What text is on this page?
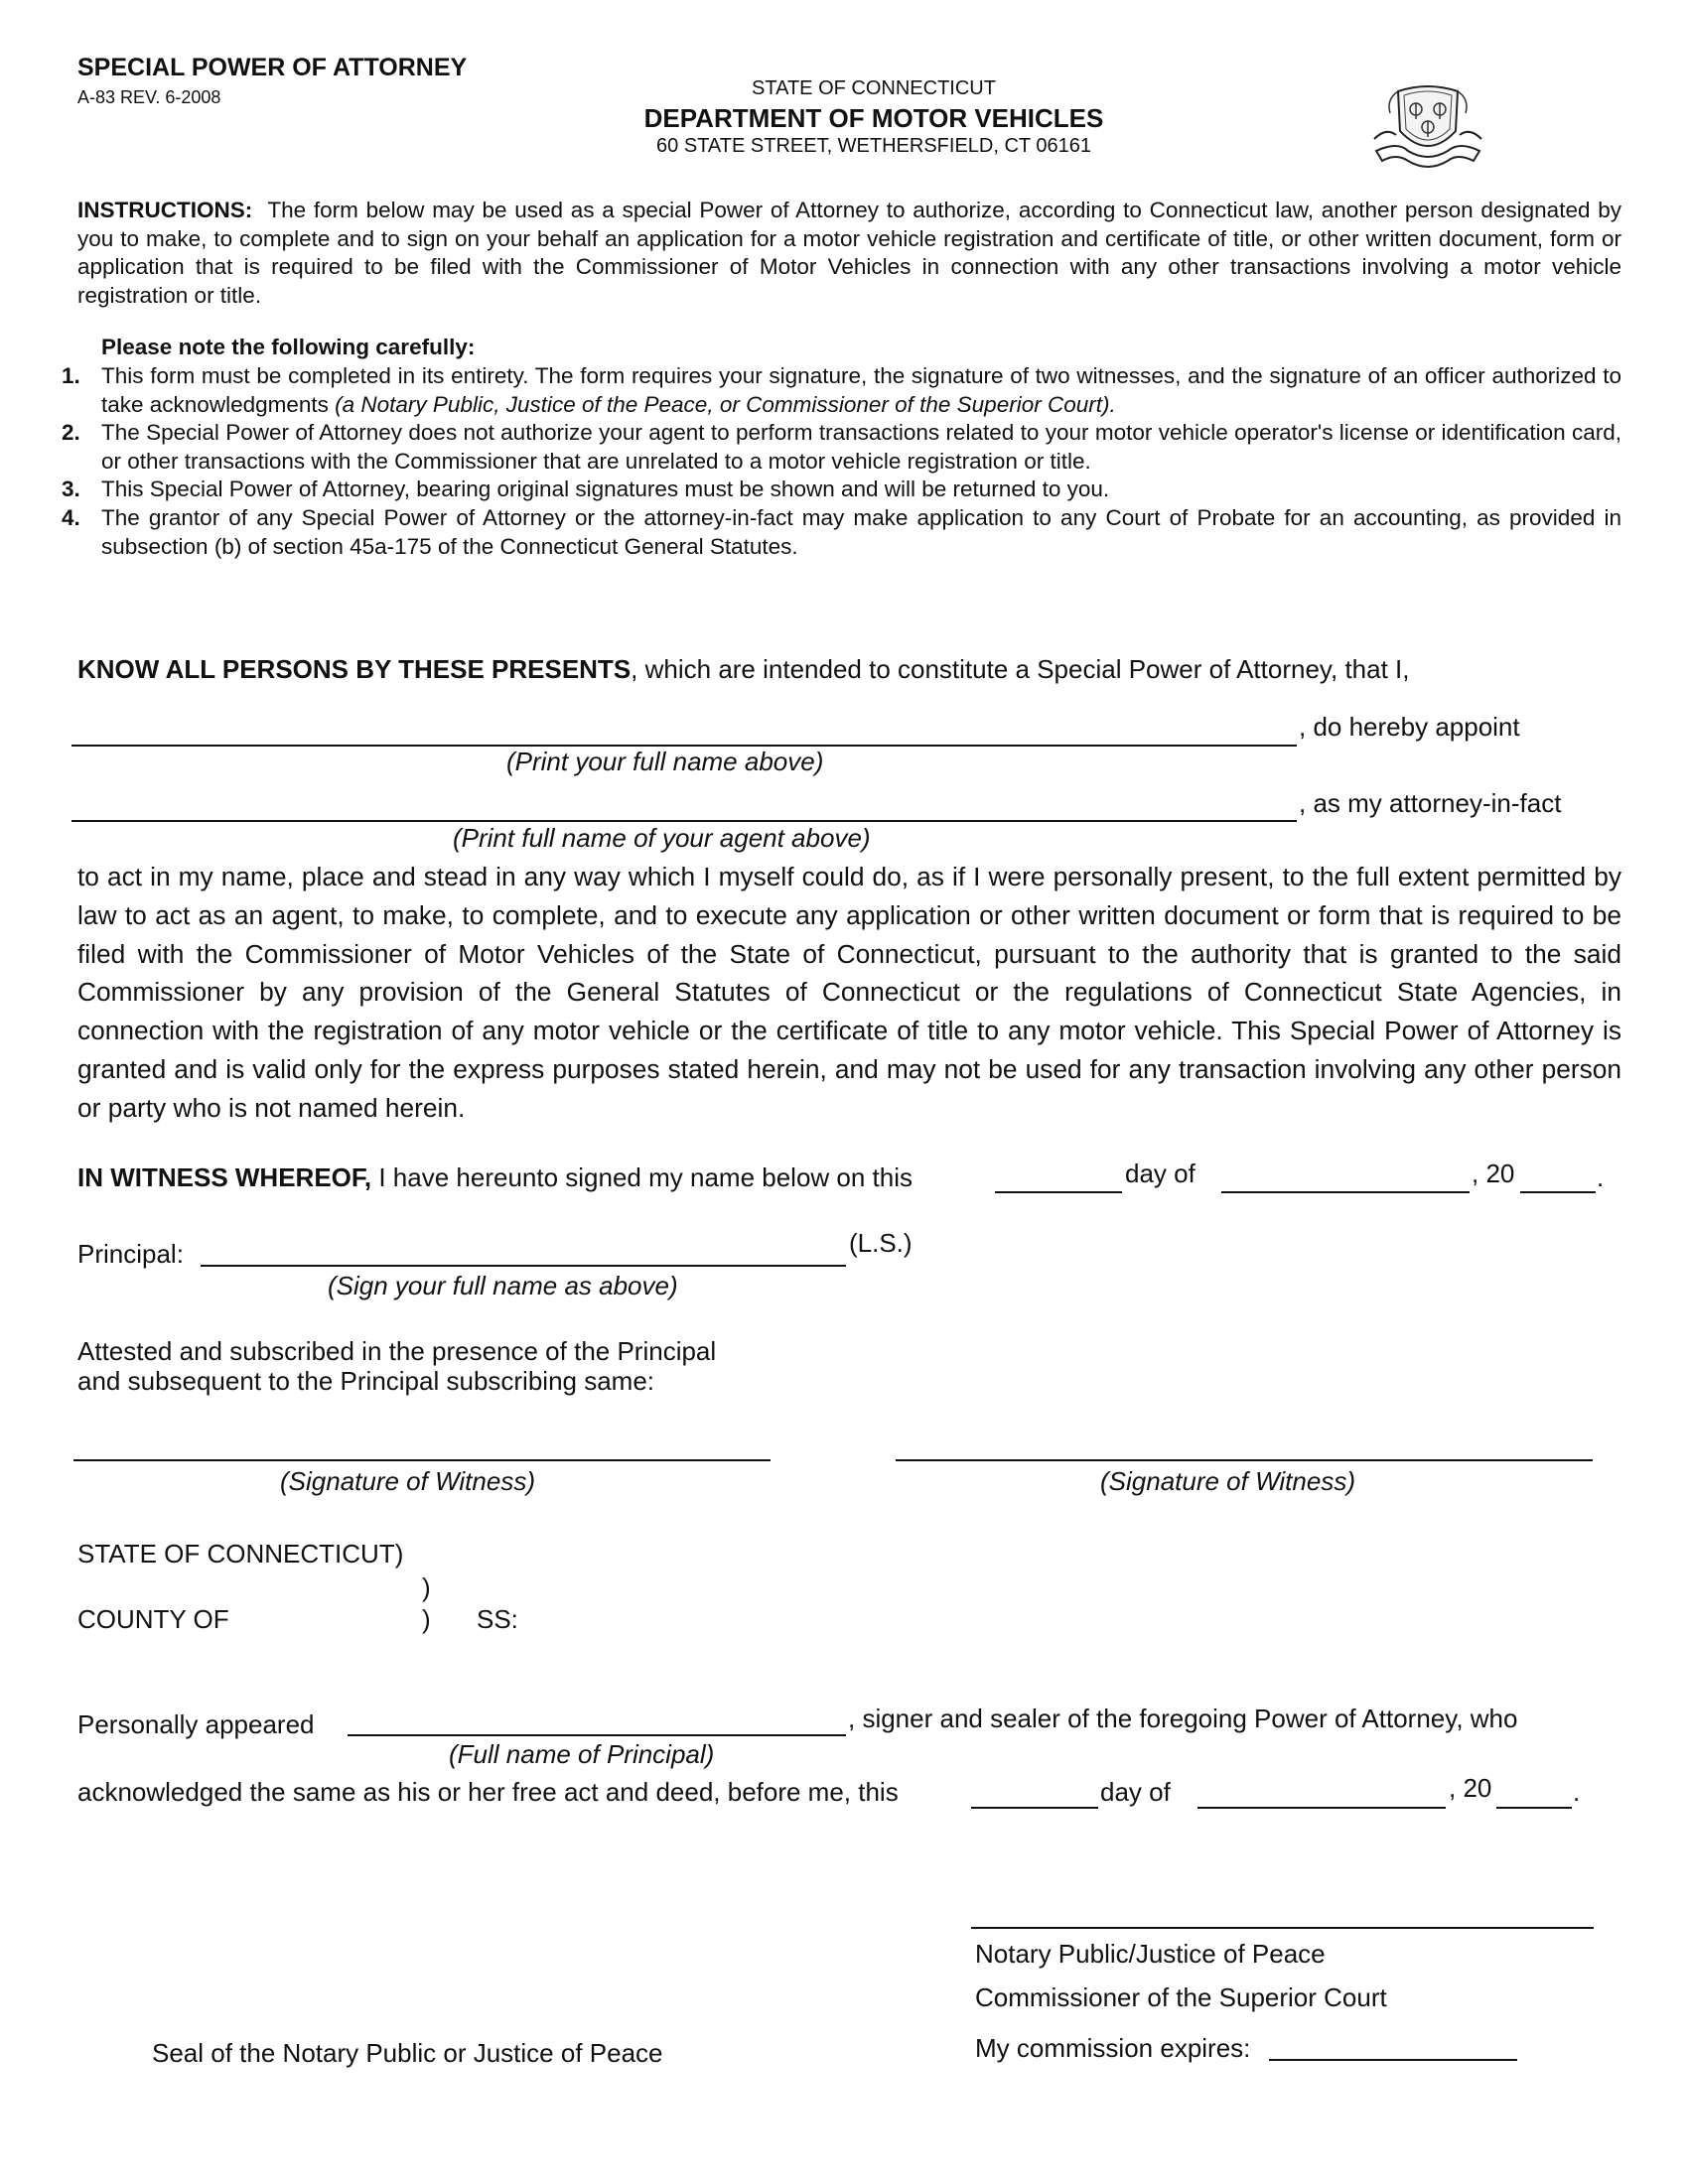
SPECIAL POWER OF ATTORNEY
A-83 REV. 6-2008	STATE OF CONNECTICUT
DEPARTMENT OF MOTOR VEHICLES
60 STATE STREET, WETHERSFIELD, CT 06161
INSTRUCTIONS: The form below may be used as a special Power of Attorney to authorize, according to Connecticut law, another person designated by you to make, to complete and to sign on your behalf an application for a motor vehicle registration and certificate of title, or other written document, form or application that is required to be filed with the Commissioner of Motor Vehicles in connection with any other transactions involving a motor vehicle registration or title.
Please note the following carefully:
1. This form must be completed in its entirety. The form requires your signature, the signature of two witnesses, and the signature of an officer authorized to take acknowledgments (a Notary Public, Justice of the Peace, or Commissioner of the Superior Court).
2. The Special Power of Attorney does not authorize your agent to perform transactions related to your motor vehicle operator's license or identification card, or other transactions with the Commissioner that are unrelated to a motor vehicle registration or title.
3. This Special Power of Attorney, bearing original signatures must be shown and will be returned to you.
4. The grantor of any Special Power of Attorney or the attorney-in-fact may make application to any Court of Probate for an accounting, as provided in subsection (b) of section 45a-175 of the Connecticut General Statutes.
KNOW ALL PERSONS BY THESE PRESENTS, which are intended to constitute a Special Power of Attorney, that I,
, do hereby appoint
(Print your full name above)
, as my attorney-in-fact
(Print full name of your agent above)
to act in my name, place and stead in any way which I myself could do, as if I were personally present, to the full extent permitted by law to act as an agent, to make, to complete, and to execute any application or other written document or form that is required to be filed with the Commissioner of Motor Vehicles of the State of Connecticut, pursuant to the authority that is granted to the said Commissioner by any provision of the General Statutes of Connecticut or the regulations of Connecticut State Agencies, in connection with the registration of any motor vehicle or the certificate of title to any motor vehicle. This Special Power of Attorney is granted and is valid only for the express purposes stated herein, and may not be used for any transaction involving any other person or party who is not named herein.
IN WITNESS WHEREOF, I have hereunto signed my name below on this	day of	, 20	.
Principal:	(L.S.)
(Sign your full name as above)
Attested and subscribed in the presence of the Principal
and subsequent to the Principal subscribing same:
(Signature of Witness)	(Signature of Witness)
STATE OF CONNECTICUT)
)
COUNTY OF	) SS:
Personally appeared	, signer and sealer of the foregoing Power of Attorney, who
(Full name of Principal)
acknowledged the same as his or her free act and deed, before me, this	day of	, 20	.
Notary Public/Justice of Peace
Commissioner of the Superior Court
My commission expires:
Seal of the Notary Public or Justice of Peace
